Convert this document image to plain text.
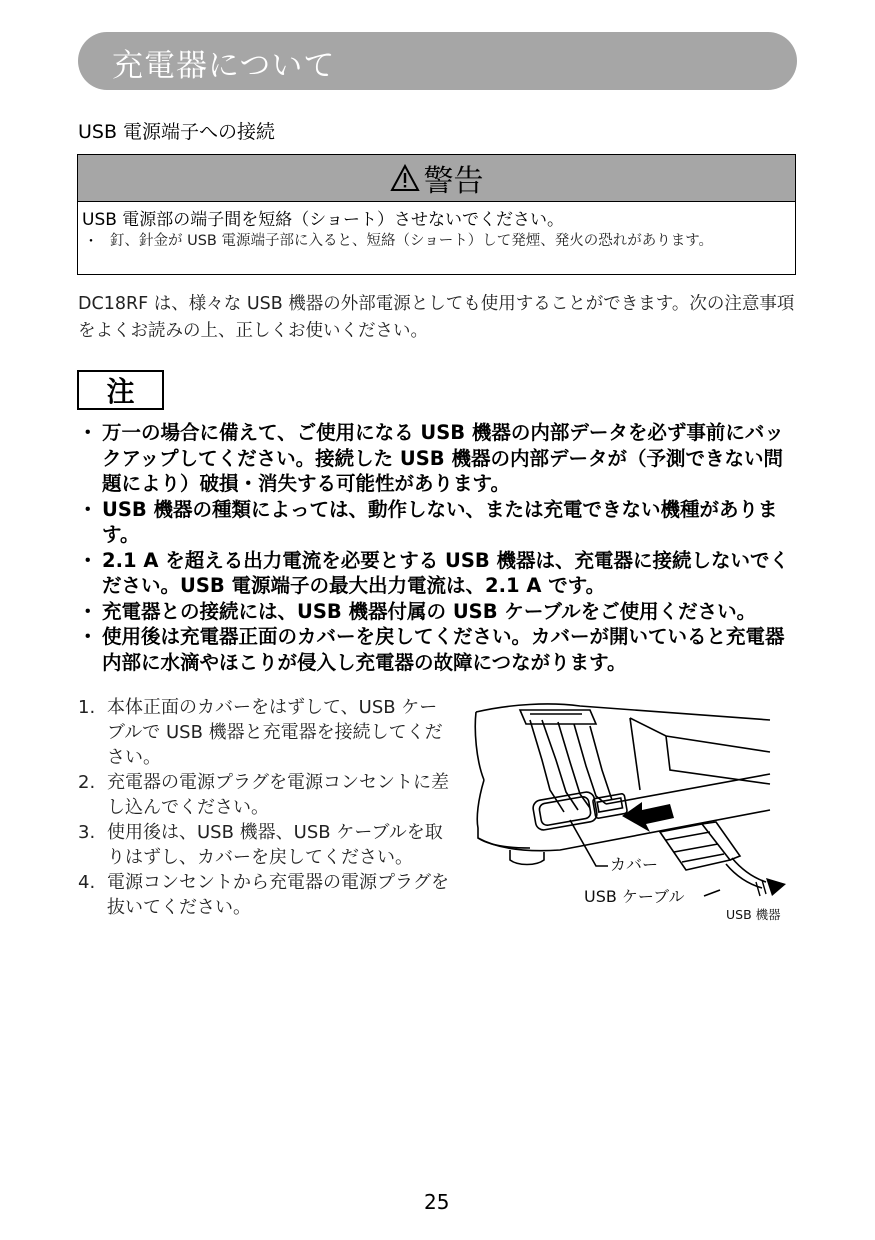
充電器について
USB 電源端子への接続
警告
USB 電源部の端子間を短絡（ショート）させないでください。
・ 釘、針金が USB 電源端子部に入ると、短絡（ショート）して発煙、発火の恐れがあります。
DC18RF は、様々な USB 機器の外部電源としても使用することができます。次の注意事項をよくお読みの上、正しくお使いください。
注
・ 万一の場合に備えて、ご使用になる USB 機器の内部データを必ず事前にバックアップしてください。接続した USB 機器の内部データが（予測できない問題により）破損・消失する可能性があります。
・ USB 機器の種類によっては、動作しない、または充電できない機種があります。
・ 2.1 A を超える出力電流を必要とする USB 機器は、充電器に接続しないでください。USB 電源端子の最大出力電流は、2.1 A です。
・ 充電器との接続には、USB 機器付属の USB ケーブルをご使用ください。
・ 使用後は充電器正面のカバーを戻してください。カバーが開いていると充電器内部に水滴やほこりが侵入し充電器の故障につながります。
1. 本体正面のカバーをはずして、USB ケーブルで USB 機器と充電器を接続してください。
2. 充電器の電源プラグを電源コンセントに差し込んでください。
3. 使用後は、USB 機器、USB ケーブルを取りはずし、カバーを戻してください。
4. 電源コンセントから充電器の電源プラグを抜いてください。
カバー
USB ケーブル
USB 機器
25
